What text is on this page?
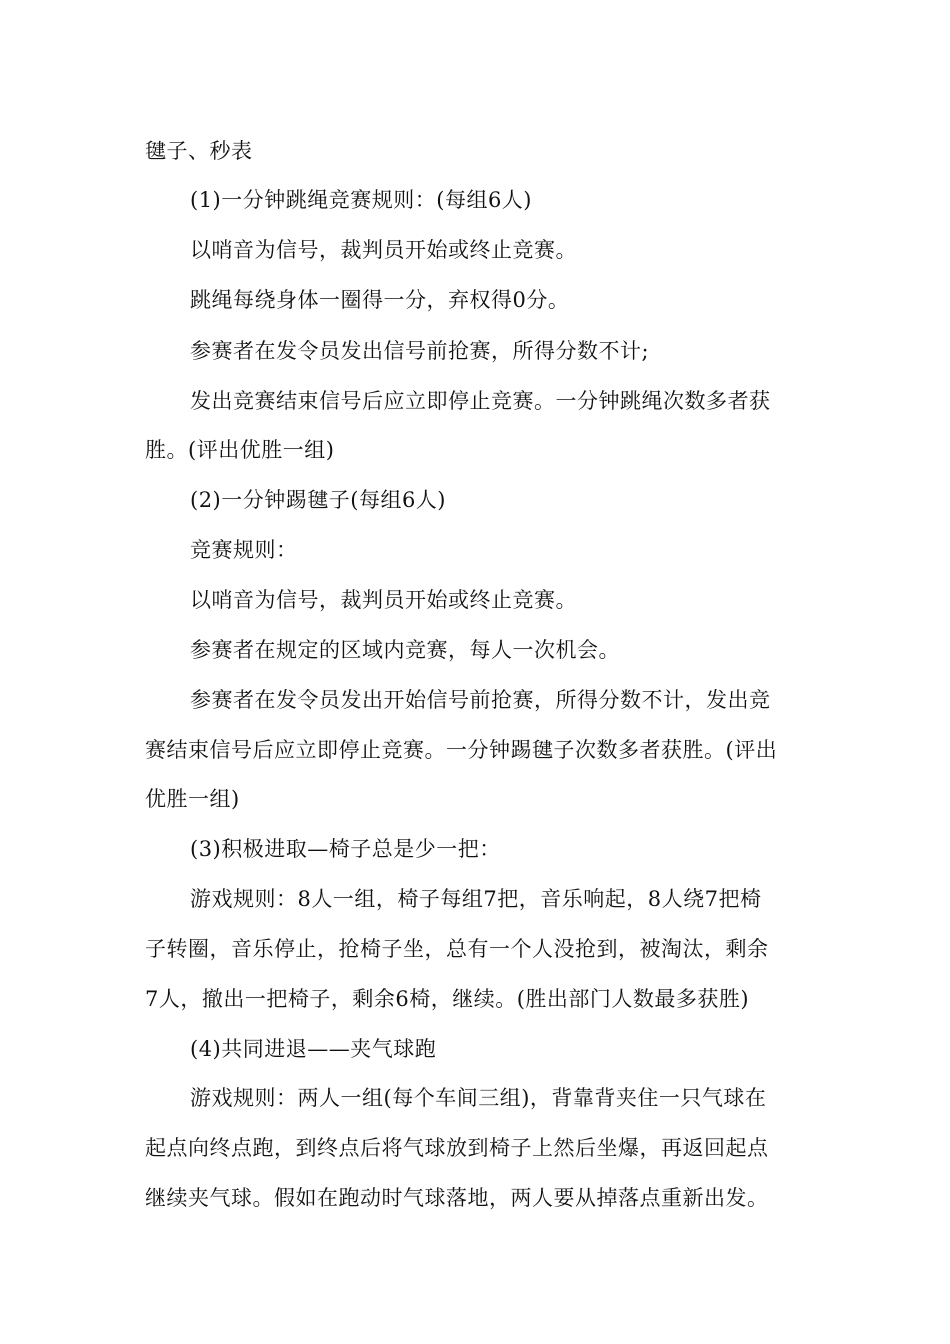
毽子、秒表
(1)一分钟跳绳竞赛规则：(每组6人)
以哨音为信号，裁判员开始或终止竞赛。
跳绳每绕身体一圈得一分，弃权得0分。
参赛者在发令员发出信号前抢赛，所得分数不计;
发出竞赛结束信号后应立即停止竞赛。一分钟跳绳次数多者获
胜。(评出优胜一组)
(2)一分钟踢毽子(每组6人)
竞赛规则：
以哨音为信号，裁判员开始或终止竞赛。
参赛者在规定的区域内竞赛，每人一次机会。
参赛者在发令员发出开始信号前抢赛，所得分数不计，发出竞
赛结束信号后应立即停止竞赛。一分钟踢毽子次数多者获胜。(评出
优胜一组)
(3)积极进取—椅子总是少一把：
游戏规则：8人一组，椅子每组7把，音乐响起，8人绕7把椅
子转圈，音乐停止，抢椅子坐，总有一个人没抢到，被淘汰，剩余
7人，撤出一把椅子，剩余6椅，继续。(胜出部门人数最多获胜)
(4)共同进退——夹气球跑
游戏规则：两人一组(每个车间三组)，背靠背夹住一只气球在
起点向终点跑，到终点后将气球放到椅子上然后坐爆，再返回起点
继续夹气球。假如在跑动时气球落地，两人要从掉落点重新出发。
